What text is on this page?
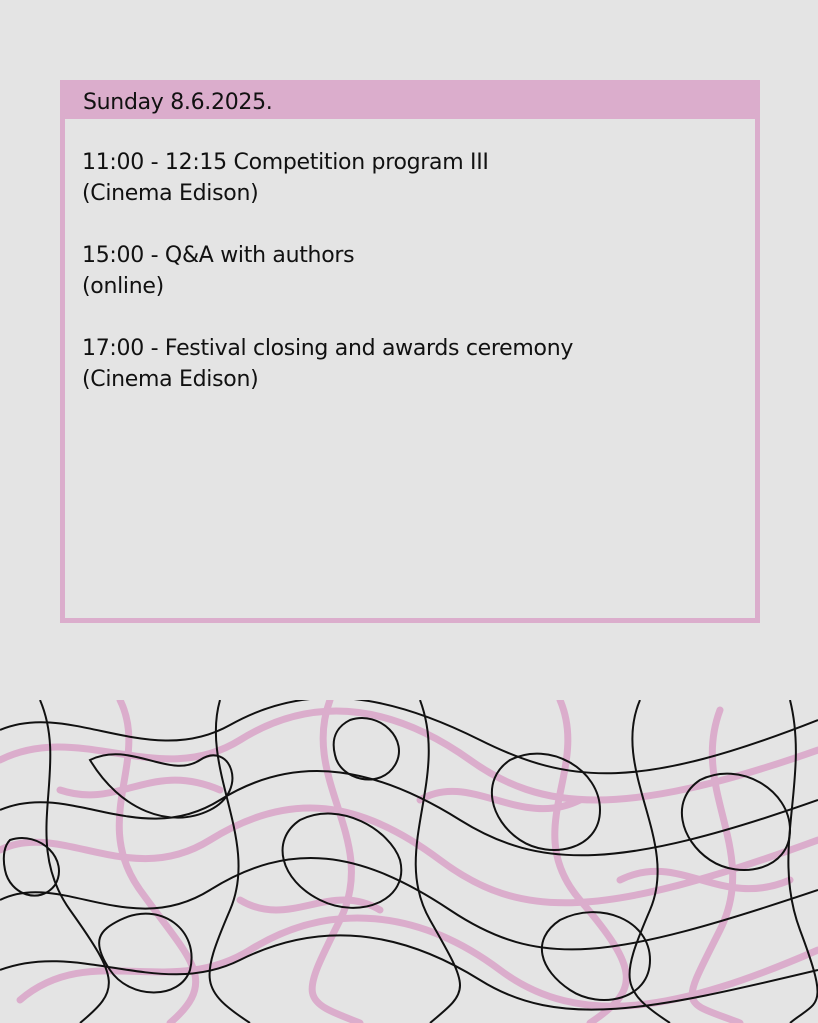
Sunday 8.6.2025.
11:00 - 12:15 Competition program III
(Cinema Edison)
15:00 - Q&A with authors
(online)
17:00 - Festival closing and awards ceremony
(Cinema Edison)
